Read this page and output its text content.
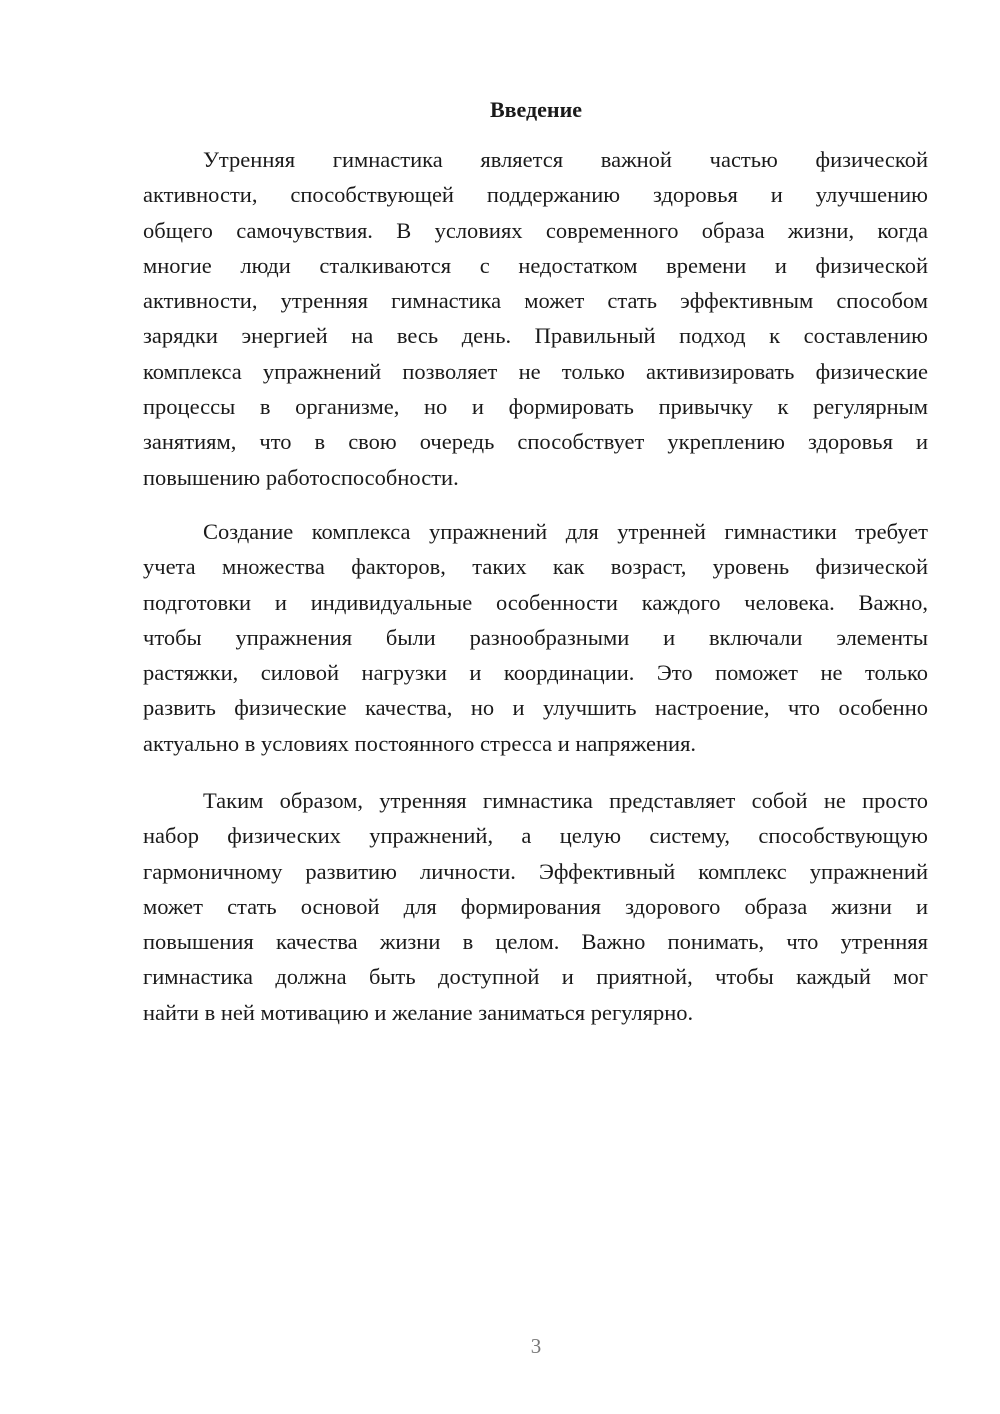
Введение
Утренняя гимнастика является важной частью физической
активности, способствующей поддержанию здоровья и улучшению
общего самочувствия. В условиях современного образа жизни, когда
многие люди сталкиваются с недостатком времени и физической
активности, утренняя гимнастика может стать эффективным способом
зарядки энергией на весь день. Правильный подход к составлению
комплекса упражнений позволяет не только активизировать физические
процессы в организме, но и формировать привычку к регулярным
занятиям, что в свою очередь способствует укреплению здоровья и
повышению работоспособности.
Создание комплекса упражнений для утренней гимнастики требует
учета множества факторов, таких как возраст, уровень физической
подготовки и индивидуальные особенности каждого человека. Важно,
чтобы упражнения были разнообразными и включали элементы
растяжки, силовой нагрузки и координации. Это поможет не только
развить физические качества, но и улучшить настроение, что особенно
актуально в условиях постоянного стресса и напряжения.
Таким образом, утренняя гимнастика представляет собой не просто
набор физических упражнений, а целую систему, способствующую
гармоничному развитию личности. Эффективный комплекс упражнений
может стать основой для формирования здорового образа жизни и
повышения качества жизни в целом. Важно понимать, что утренняя
гимнастика должна быть доступной и приятной, чтобы каждый мог
найти в ней мотивацию и желание заниматься регулярно.
3
